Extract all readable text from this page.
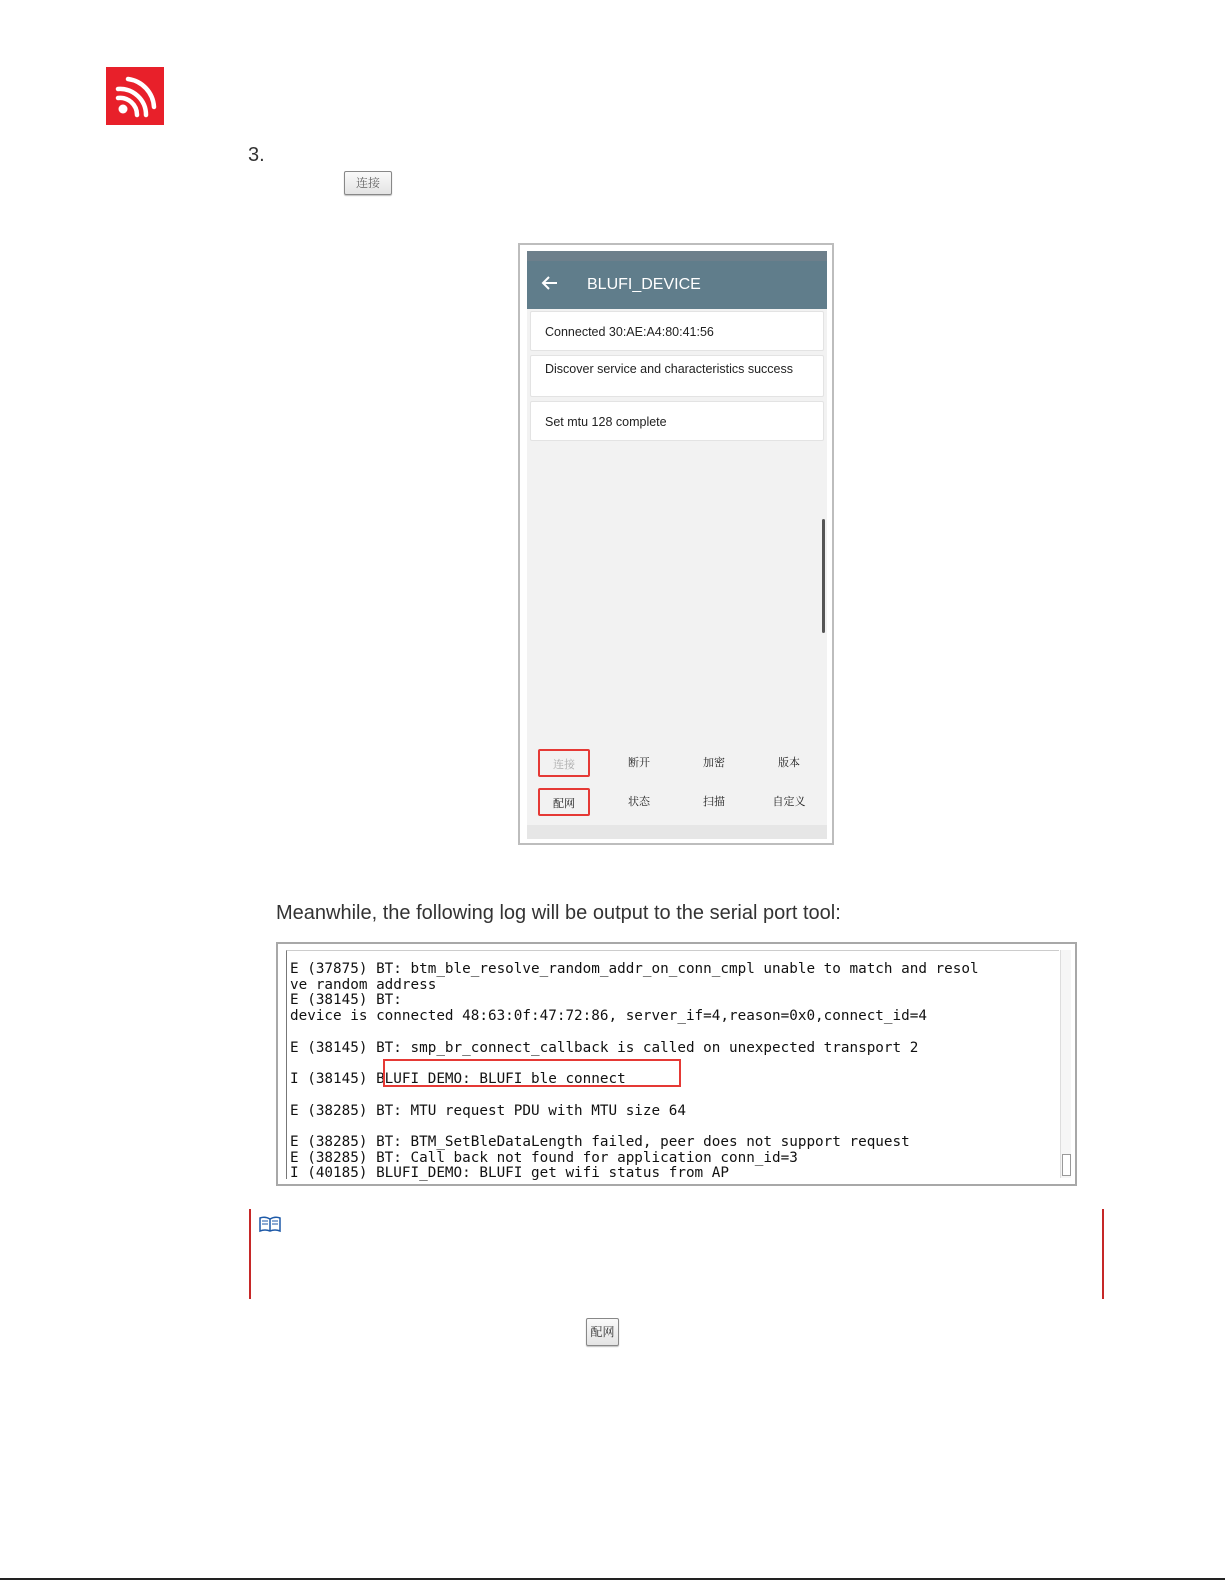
3.
连接
BLUFI_DEVICE
Connected 30:AE:A4:80:41:56
Discover service and characteristics success
Set mtu 128 complete
连接	断开	加密	版本
配网	状态	扫描	自定义
Meanwhile, the following log will be output to the serial port tool:
E (37875) BT: btm_ble_resolve_random_addr_on_conn_cmpl unable to match and resol
ve random address
E (38145) BT:
device is connected 48:63:0f:47:72:86, server_if=4,reason=0x0,connect_id=4
E (38145) BT: smp_br_connect_callback is called on unexpected transport 2
I (38145) BLUFI_DEMO: BLUFI ble connect
E (38285) BT: MTU request PDU with MTU size 64
E (38285) BT: BTM_SetBleDataLength failed, peer does not support request
E (38285) BT: Call back not found for application conn_id=3
I (40185) BLUFI_DEMO: BLUFI get wifi status from AP
配网
